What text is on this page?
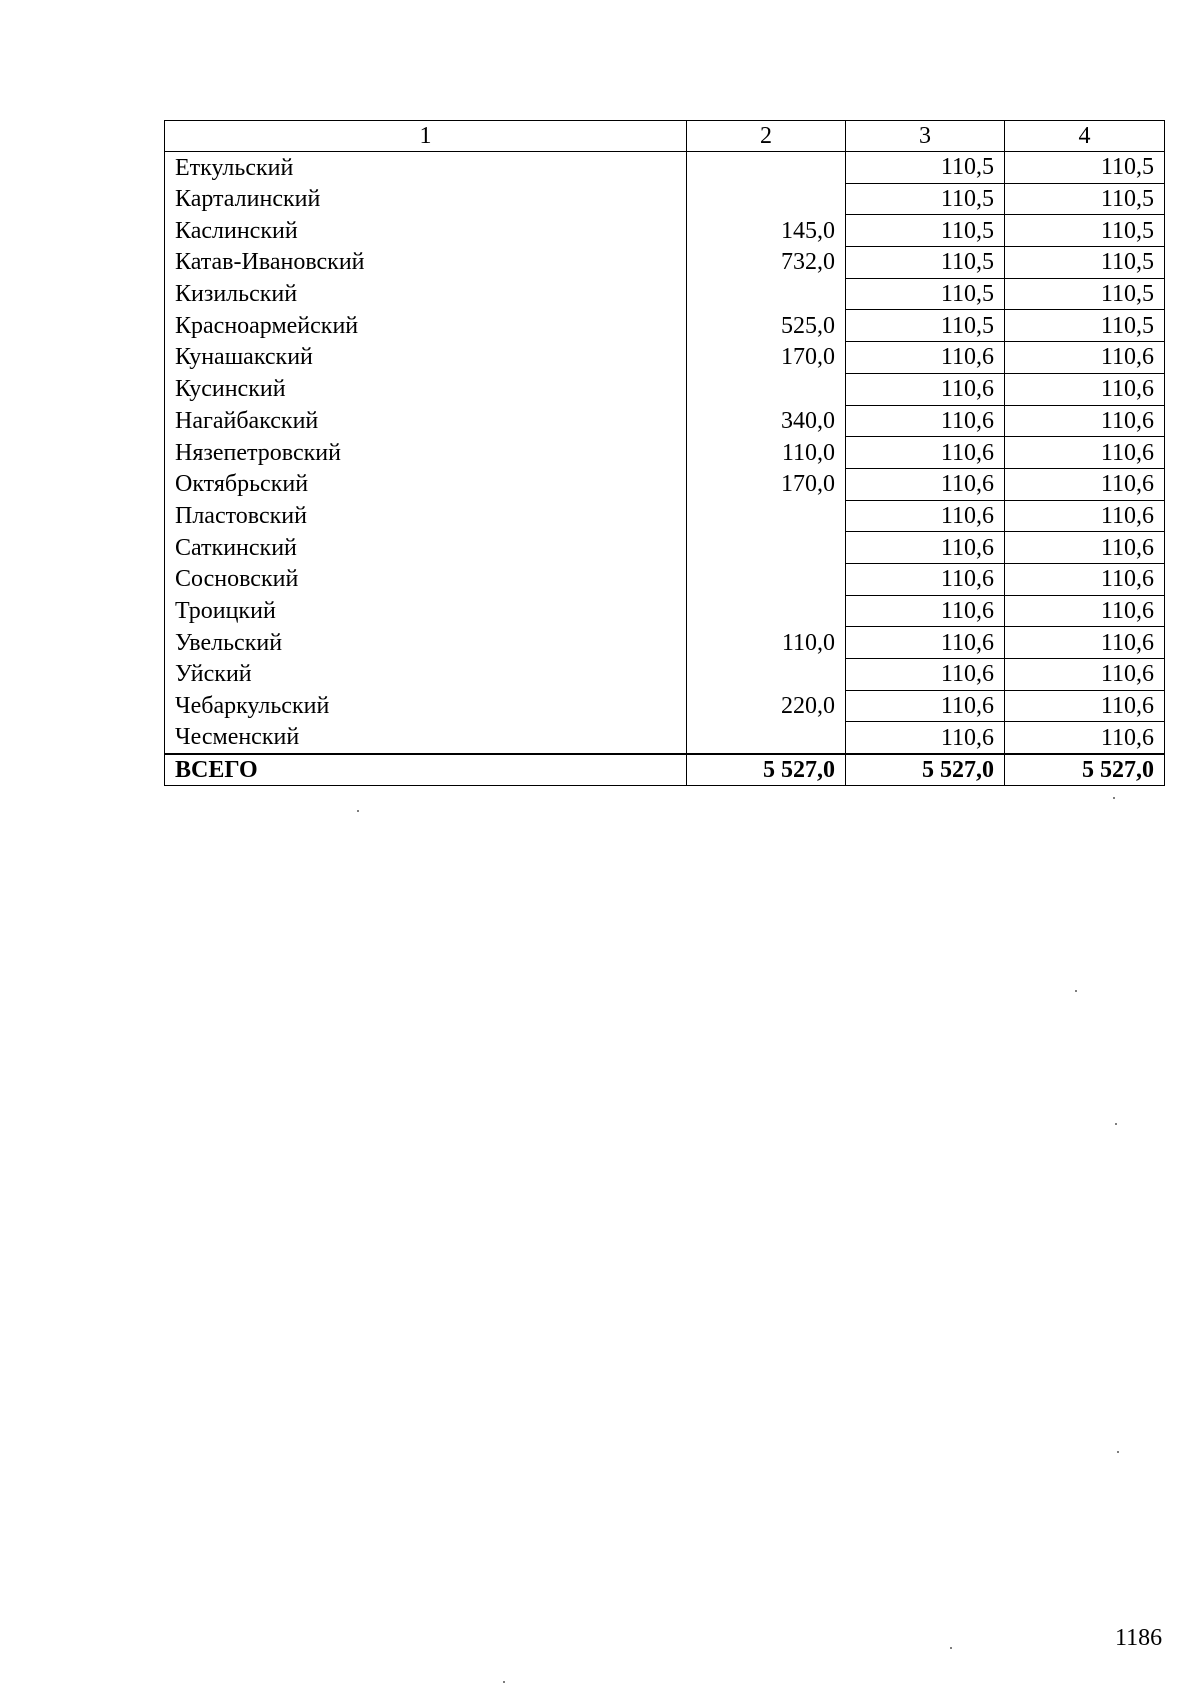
1	2	3	4
Еткульский		110,5	110,5
Карталинский		110,5	110,5
Каслинский	145,0	110,5	110,5
Катав-Ивановский	732,0	110,5	110,5
Кизильский		110,5	110,5
Красноармейский	525,0	110,5	110,5
Кунашакский	170,0	110,6	110,6
Кусинский		110,6	110,6
Нагайбакский	340,0	110,6	110,6
Нязепетровский	110,0	110,6	110,6
Октябрьский	170,0	110,6	110,6
Пластовский		110,6	110,6
Саткинский		110,6	110,6
Сосновский		110,6	110,6
Троицкий		110,6	110,6
Увельский	110,0	110,6	110,6
Уйский		110,6	110,6
Чебаркульский	220,0	110,6	110,6
Чесменский		110,6	110,6
ВСЕГО	5 527,0	5 527,0	5 527,0
1186
